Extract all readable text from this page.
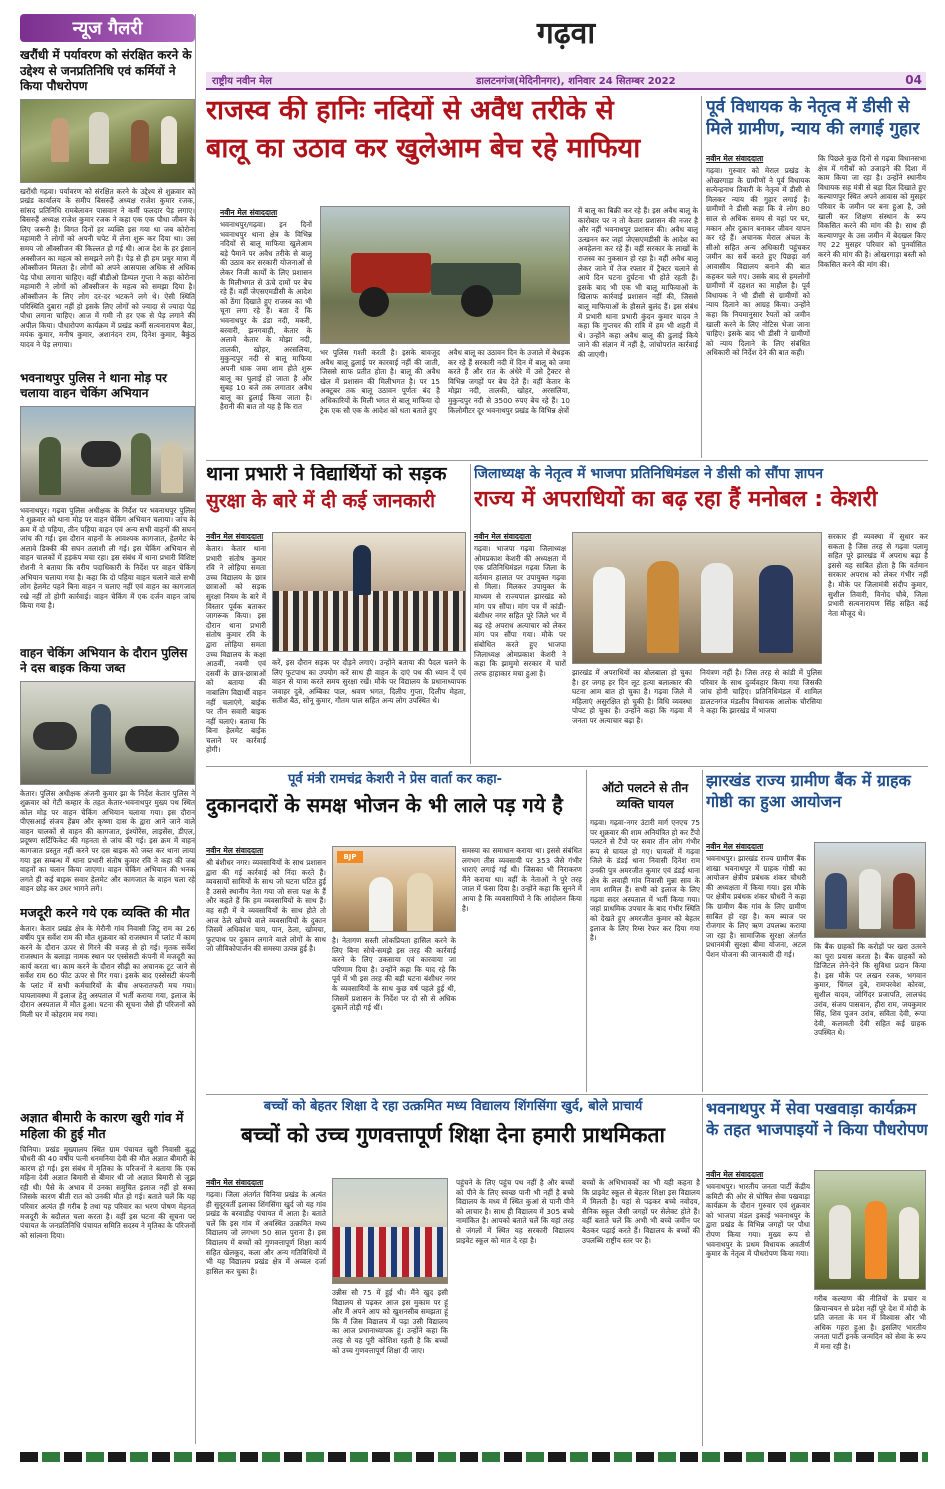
न्यूज गैलरी
खरौंधी में पर्यावरण को संरक्षित करने के उद्देश्य से जनप्रतिनिधि एवं कर्मियों ने किया पौधरोपण
खरौंधी गढ़वा। पर्यावरण को संरक्षित करने के उद्देश्य से शुक्रवार को प्रखंड कार्यालय के समीप बिसरुहैं अध्यक्ष राजेश कुमार रजक, सांसद प्रतिनिधि रामबेलावन पासवान ने कर्मी फलदार पेड़ लगाए। बिसरुहैं अध्यक्ष राजेश कुमार रजक ने कहा एक एक पौधा जीवन के लिए जरूरी है। विगत दिनों हर व्यक्ति इस गया था जब कोरोना महामारी ने लोगों को अपनी चपेट में लेना शुरू कर दिया था। उस समय जो ऑक्सीजन की किल्लत हो गई थी। आज देश के हर इंसान अक्सीजन का महत्व को समझने लगे हैं। पेड़ से ही हम प्रचुर मात्रा में ऑक्सीजन मिलता है। लोगों को अपने आसपास अधिक से अधिक पेड़ पौधा लगाना चाहिए। वहीं बीडीओ डिम्पल गुप्ता ने कहा कोरोना महामारी ने लोगों को ऑक्सीजन के महत्व को समझा दिया है। ऑक्सीजन के लिए लोग दर-दर भटकने लगे थे। ऐसी स्थिति परिस्थिति दुबारा नहीं हो इसके लिए लोगों को ज्यादा से ज्यादा पेड़ पौधा लगाना चाहिए। आज में गमी नौ हर एक से पेड़ लगाने की अपील किया। पौधारोपण कार्यक्रम में प्रखंड कर्मी सत्यनारायण बैठा, मयंक कुमार, मनीष कुमार, अशानंदन राम, दिनेश कुमार, बैकुंठ यादव ने पेड़ लगाया।
भवनाथपुर पुलिस ने थाना मोड़ पर चलाया वाहन चेकिंग अभियान
भवनाथपुर। गढ़वा पुलिस अधीक्षक के निर्देश पर भवनाथपुर पुलिस ने शुक्रवार को थाना मोड़ पर वाहन चेकिंग अभियान चलाया। जांच के क्रम में दो पहिया, तीन पहिया वाहन एवं अन्य सभी वाहनों की सघन जांच की गई। इस दौरान वाहनों के आवश्यक कागजात, हेलमेट के अलावे डिक्की की सघन तलाशी ली गई। इस चेकिंग अभियान से वाहन चालकों में हड़कंप मचा रहा। इस संबंध में थाना प्रभारी विशिष्ट रोशनी ने बताया कि वरीय पदाधिकारी के निर्देश पर वाहन चेकिंग अभियान चलाया गया है। कहा कि दो पहिया वाहन चलाने वाले सभी लोग हेलमेट पहने बिना वाहन न चलाए नहीं एवं वाहन का कागजात रखे नहीं तो होगी कार्रवाई। वाहन चेकिंग में एक दर्जन वाहन जांच किया गया है।
वाहन चेकिंग अभियान के दौरान पुलिस ने दस बाइक किया जब्त
केतार। पुलिस अधीक्षक अंजनी कुमार झा के निर्देश केतार पुलिस ने शुक्रवार को गेटी कम्हार के तहत केतार-भवनाथपुर मुख्य पथ स्थित कोल मोड़ पर वाहन चेकिंग अभियान चलाया गया। इस दौरान पीएसआई संजय हेंब्रम और कृष्णा दास के द्वारा आने जाने वाले वाहन चालकों से वाहन की कागजात, इंश्योरेंस, लाइसेंस, डीएल, प्रदूषण सर्टिफिकेट की गहनता से जांच की गई। इस क्रम में वाहन कागजात प्रस्तुत नहीं करने पर दस बाइक को जब्त कर थाना लाया गया इस सम्बन्ध में थाना प्रभारी संतोष कुमार रवि ने कहा की जब वाहनों का चलान किया जाएगा। वाहन चेकिंग अभियान की भनक लगते ही कई बाइक सवार हेलमेट और कागजात के वाहन चला रहे वाहन छोड़ कर उधर भागने लगे।
मजदूरी करने गये एक व्यक्ति की मौत
केतार। केतार प्रखंड क्षेत्र के मेरौनी गांव निवासी जिटू राम का 26 वर्षीय पुत्र सर्वेश राम की मौत शुक्रवार को राजस्थान में प्लांट में काम करने के दौरान ऊपर से गिरने की वजह से हो गई। मृतक सर्वेश राजस्थान के बलाड़ा नामक स्थान पर एस्सेसटी कंपनी में मजदूरी का कार्य करता था। काम करने के दौरान सीढ़ी का अचानक टूट जाने से सर्वेश राम 60 फीट ऊपर से गिर गया। इसके बाद एस्सेसटी कंपनी के प्लांट में सभी कर्मचारियों के बीच अफरातफरी मच गया। घायलावस्था में इलाज हेतु अस्पताल में भर्ती कराया गया, इलाज के दौरान अस्पताल में मौत हुआ। घटना की सूचना जैसे ही परिजनों को मिली घर में कोहराम मच गया।
अज्ञात बीमारी के कारण खुरी गांव में महिला की हुई मौत
चिनिया। प्रखंड मुख्यालय स्थित ग्राम पंचायत खुरी निवासी बुद्ध चौधरी की 40 वर्षीय पत्नी धनमनिया देवी की मौत अज्ञात बीमारी के कारण हो गई। इस संबंध में मृतिका के परिजनों ने बताया कि एक महिना देवी अज्ञात बिमारी से बीमार थी जो अज्ञात बिमारी से जूझ रही थी। पैसे के अभाव में उनका समुचित इलाज नहीं हो सका जिसके कारण बीती रात को उनकी मौत हो गई। बताते चलें कि यह परिवार अत्यंत ही गरीब है तथा यह परिवार का भरण पोषण मेहनत मजदूरी के बदौलत चला करता है। वहीं इस घटना की सूचना पर पंचायत के जनप्रतिनिधि पंचायत समिति सदस्य ने मृतिका के परिजनों को सांत्वना दिया।
गढ़वा
राष्ट्रीय नवीन मेल	डालटनगंज(मेदिनीनगर), शनिवार 24 सितम्बर 2022	04
राजस्व की हानिः नदियों से अवैध तरीके से
बालू का उठाव कर खुलेआम बेच रहे माफिया
नवीन मेल संवाददाता
भवनाथपुर/गढ़वा। इन दिनों भवनाथपुर थाना क्षेत्र के विभिन्न नदियों से बालू माफिया खुलेआम बड़े पैमाने पर अवैध तरीके से बालू की उठाव कर सरकारी योजनाओं से लेकर निजी कार्यों के लिए प्रशासन के मिलीभगत से ऊंचे दामों पर बेच रहे हैं। वहीं जेएसएमडीसी के आदेश को ठेंगा दिखाते हुए राजस्व का भी चूना लगा रहे हैं। बता दें कि भवनाथपुर के डंडा नदी, मकरी, बरवारी, झनगवाही, केतार के अलावे केतार के मोझा नदी, तालकी, खोहर, अरसलिया, मुकुन्दपुर नदी से बालू माफिया अपनी धाक जमा शाम होते शुरू बालू का घुलाई हो जाता है और सुबह 10 बजे तक लगातार अवैध बालू का ढुलाई किया जाता है। हैरानी की बात तो यह है कि रात
भर पुलिस गश्ती करती है। इसके बावजूद अवैध बालू ढुलाई पर कारवाई नहीं की जाती, जिससे साफ प्रतीत होता है। बालू की अवैध खेल में प्रशासन की मिलीभगत है। पर 15 अक्टूबर तक बालू उठावन पूर्णतः बंद है अधिकारियों के मिली भगत से बालू माफिया दो ट्रेक एक सौ एक के आदेश को धता बताते हुए
अवैध बालू का उठावन दिन के उजाले में बेधड़क कर रहे हैं सरकारी नदी में दिन में बालू को जमा करते हैं और रात के अंधेरे में उसे ट्रैक्टर से विभिन्न जगहों पर बेच देते हैं। वहीं केतार के मोझा नदी, तालकी, खोहर, अरसलिया, मुकुन्दपुर नदी से 3500 रुपए बेच रहे हैं। 10 किलोमीटर दूर भवनाथपुर प्रखंड के विभिन्न क्षेत्रों
में बालू का बिक्री कर रहे हैं। इस अवैध बालू के कारोबार पर न तो केतार प्रशासन की नजर है और नहीं भवनाथपुर प्रशासन की। अवैध बालू उत्खनन कर जहां जेएसएमडीसी के आदेश का अवहेलना कर रहे हैं। वहीं सरकार के लाखों के राजस्व का नुकसान हो रहा है। वहीं अवैध बालू लेकर जाने में तेज रफ्तार में ट्रैक्टर चलाने से आये दिन घटना दुर्घटना भी होते रहती हैं। इसके बाद भी एक भी बालू माफियाओं के खिलाफ कार्रवाई प्रशासन नहीं की, जिससे बालू माफियाओं के हौसले बुलंद हैं। इस संबंध में प्रभारी थाना प्रभारी कुंदन कुमार यादव ने कहा कि गुप्तचर की रात्रि में हम भी शहरी में थे। उन्होंने कहा अवैध बालू की ढुलाई किये जाने की संज्ञान में नहीं है, जांचोपरांत कार्रवाई की जाएगी।
पूर्व विधायक के नेतृत्व में डीसी से मिले ग्रामीण, न्याय की लगाई गुहार
नवीन मेल संवाददाता
गढ़वा। गुरुवार को मेराल प्रखंड के ओखरगाड़ा के ग्रामीणों ने पूर्व विधायक सत्येन्द्रनाथ तिवारी के नेतृत्व में डीसी से मिलकर न्याय की गुहार लगाई है। ग्रामीणों ने डीसी कहा कि वे लोग 80 साल से अधिक समय से वहां पर घर, मकान और दुकान बनाकर जीवन यापन कर रहे हैं। अचानक मेराल अंचल के सीओ सहित अन्य अधिकारी पहुंचकर जमीन का सर्वे करते हुए पिछड़ा वर्ग आवासीय विद्यालय बनाने की बात कहकर चले गए। उसके बाद से हमलोगों ग्रामीणों में दहशत का माहौल है। पूर्व विधायक ने भी डीसी से ग्रामीणों को न्याय दिलाने का आग्रह किया। उन्होंने कहा कि नियमानुसार रैयतों को जमीन खाली करने के लिए नोटिस भेजा जाना चाहिए। इसके बाद भी डीसी ने ग्रामीणों को न्याय दिलाने के लिए संबंधित अधिकारी को निर्देश देने की बात कही।
कि पिछले कुछ दिनों से गढ़वा विधानसभा क्षेत्र में गरीबों को उजाड़ने की दिशा में काम किया जा रहा है। उन्होंने स्थानीय विधायक सह मंत्री से बड़ा दिल दिखाते हुए कल्याणपुर स्थित अपने आवास को मुसहर परिवार के जमीन पर बना हुआ है, उसे खाली कर शिक्षण संस्थान के रूप विकसित करने की मांग की है। साथ ही कल्याणपुर के उस जमीन में बेदखल किए गए 22 मुसहर परिवार को पुनर्वासित करने की मांग की है। ओखरगाड़ा बस्ती को विकसित करने की मांग की।
थाना प्रभारी ने विद्यार्थियों को सड़क
सुरक्षा के बारे में दी कई जानकारी
नवीन मेल संवाददाता
केतार। केतार थाना प्रभारी संतोष कुमार रवि ने लोहिया समता उच्च विद्यालय के छात्र छात्राओं को सड़क सुरक्षा नियम के बारे में विस्तार पूर्वक बताकर जागरूक किया। इस दौरान थाना प्रभारी संतोष कुमार रवि के द्वारा लोहिया समता उच्च विद्यालय के कक्षा आठवीं, नवमी एवं दसवीं के छात्र-छात्राओं को बताया की नाबालिग विद्यार्थी वाहन नहीं चलाएंगे, बाईक पर तीन सवारी बाइक नहीं चलाएं। बताया कि बिना हेलमेट बाईक चलाने पर कार्रवाई होगी।
करें, इस दौरान सड़क पर दौड़ने लगाएं। उन्होंने बताया की पैदल चलने के लिए फुटपाथ का उपयोग करें साथ ही वाहन के दाएं पथ की ध्यान दें एवं वाहन से यात्रा करते समय सुरक्षा रखें। मौके पर विद्यालय के प्रधानाध्यापक जवाहर दुबे, अम्बिका पाल, श्रवण भगत, दिलीप गुप्ता, दिलीप मेहता, सतीश बैठ, सोनू कुमार, गौतम पाल सहित अन्य लोग उपस्थित थे।
जिलाध्यक्ष के नेतृत्व में भाजपा प्रतिनिधिमंडल ने डीसी को सौंपा ज्ञापन
राज्य में अपराधियों का बढ़ रहा हैं मनोबल : केशरी
नवीन मेल संवाददाता
गढ़वा। भाजपा गढ़वा जिलाध्यक्ष ओमप्रकाश केशरी की अध्यक्षता में एक प्रतिनिधिमंडल गढ़वा जिला के वर्तमान हालात पर उपायुक्त गढ़वा से मिला। मिलकर उपायुक्त के माध्यम से राज्यपाल झारखंड को मांग पत्र सौंपा। मांग पत्र में कांडी-बंशीधर नगर सहित पूरे जिले भर में बढ़ रहे अपराध अत्याचार को लेकर मांग पत्र सौंपा गया। मौके पर संबोधित करते हुए भाजपा जिलाध्यक्ष ओमप्रकाश केशरी ने कहा कि झामुमो सरकार में चारों तरफ हाहाकार मचा हुआ है।	झारखंड में अपराधियों का बोलबाला हो चुका है। हर जगह हर दिन लूट हत्या बलात्कार की घटना आम बात हो चुका है। गढ़वा जिले में महिलाएं असुरक्षित हो चुकी है। विधि व्यवस्था पोपट हो चुका है। उन्होंने कहा कि गढ़वा में जनता पर अत्याचार बढ़ा है।
नियंत्रण नहीं है। जिस तरह से कांडी में पुलिस परिवार के साथ दुर्व्यवहार किया गया जिसकी जांच होनी चाहिए। प्रतिनिधिमंडल में शामिल डालटनगंज मंडलीय विधायक आलोक चौरसिया ने कहा कि झारखंड में भाजपा
सरकार ही व्यवस्था में सुधार कर सकता है जिस तरह से गढ़वा पलामू सहित पूरे झारखंड में अपराध बढ़ा है इससे यह साबित होता है कि वर्तमान सरकार अपराध को लेकर गंभीर नहीं है। मौके पर जिलामंत्री संदीप कुमार, सुशील तिवारी, विनोद चौबे, जिला प्रभारी सत्यनारायण सिंह सहित कई नेता मौजूद थे।
पूर्व मंत्री रामचंद्र केशरी ने प्रेस वार्ता कर कहा-
दुकानदारों के समक्ष भोजन के भी लाले पड़ गये है
नवीन मेल संवाददाता
श्री बंशीधर नगर। व्यवसायियों के साथ प्रशासन द्वारा की गई कार्रवाई को निंदा करते हैं। व्यवसायों सामियों के साथ जो घटना घटित हुई है उससे स्थानीय नेता गया जो सत्ता पक्ष के हैं और कहते हैं कि हम व्यवसायियों के साथ हैं। वह सही में वे व्यवसायियों के साथ होते तो आज ठेले खोमचे वाले व्यवसायियों के दुकान जिसमें अधिकांश चाय, पान, ठेला, खोमचा, फुटपाथ पर दुकान लगाने वाले लोगों के साथ जो जीविकोपार्जन की समस्या उत्पन्न हुई है।
BJP
है। नेतागण सस्ती लोकप्रियता हासिल करने के लिए बिना सोचे-समझे इस तरह की कार्रवाई करने के लिए उकसाया एवं कारवाया जा परिणाम दिया है। उन्होंने कहा कि याद रहे कि पूर्व में भी इस तरह की बड़ी घटना बंशीधर नगर के व्यवसायियों के साथ कुछ वर्ष पहले हुई थी, जिसमें प्रशासन के निर्देश पर दो सौ से अधिक दुकानें तोड़ी गई थीं।
समस्या का समाधान कराया था। इससे संबंधित लगभग तीस व्यवसायी पर 353 जैसे गंभीर धाराएं लगाई गई थी। जिसका भी निराकरण मैंने कराया था। वहीं के नेताओं ने पुरे तरह जाल में फंसा दिया है। उन्होंने कहा कि सुनने में आया है कि व्यवसायियों ने कि आंदोलन किया है।
ऑटो पलटने से तीन व्यक्ति घायल
गढ़वा। गढ़वा-नगर उंटारी मार्ग एनएच 75 पर शुक्रवार की शाम अनियंत्रित हो कर टैंपो पलटने से टैंपो पर सवार तीन लोग गंभीर रूप से घायल हो गए। घायलों में गढ़वा जिले के डंडई थाना निवासी दिनेश राम उनकी पुत्र अमरजीत कुमार एवं डंडई थाना क्षेत्र के लवाही गांव निवासी मुन्ना साव के नाम शामिल हैं। सभी को इलाज के लिए गढ़वा सदर अस्पताल में भर्ती किया गया। जहां प्राथमिक उपचार के बाद गंभीर स्थिति को देखते हुए अमरजीत कुमार को बेहतर इलाज के लिए रिम्स रेफर कर दिया गया है।
झारखंड राज्य ग्रामीण बैंक में ग्राहक गोष्ठी का हुआ आयोजन
नवीन मेल संवाददाता
भवनाथपुर। झारखंड राज्य ग्रामीण बैंक शाखा भवनाथपुर में ग्राहक गोष्ठी का आयोजन क्षेत्रीय प्रबंधक शंकर चौधरी की अध्यक्षता में किया गया। इस मौके पर क्षेत्रीय प्रबंधक शंकर चौधरी ने कहा कि ग्रामीण बैंक गांव के लिए ग्रामीण साबित हो रहा है। कम ब्याज पर रोजगार के लिए ऋण उपलब्ध कराया जा रहा है। सामाजिक सुरक्षा अंतर्गत प्रधानमंत्री सुरक्षा बीमा योजना, अटल पेंशन योजना की जानकारी दी गई।
कि बैंक ग्राहकों कि करोड़ों पर खरा उतरने का पूरा प्रयास करता है। बैंक ग्राहकों को डिजिटल लेने-देने कि सुविधा प्रदान किया है। इस मौके पर लखन रजक, भगवान कुमार, चिंगल दुबे, रामपरवेश कोरवा, सुशील यादव, जोगिंदर प्रजापति, लालचंद उरांव, संजय पासवान, हीरा राम, जयकुमार सिंह, शिव पूजन उरांव, सविता देवी, रूपा देवी, कलावती देवी सहित कई ग्राहक उपस्थित थे।
बच्चों को बेहतर शिक्षा दे रहा उत्क्रमित मध्य विद्यालय शिंगसिंगा खुर्द, बोले प्राचार्य
बच्चों को उच्च गुणवत्तापूर्ण शिक्षा देना हमारी प्राथमिकता
नवीन मेल संवाददाता
गढ़वा। जिला अंतर्गत चिनिया प्रखंड के अत्यंत ही सुदूरवर्ती इलाका शिंगसिंगा खुर्द जो यह गांव प्रखंड के बरवाडीह पंचायत में आता है। बताते चलें कि इस गांव में अवस्थित उत्क्रमित मध्य विद्यालय जो लगभग 50 साल पुराना है। इस विद्यालय में बच्चों को गुणवत्तापूर्ण शिक्षा कार्य सहित खेलकूद, कला और अन्य गतिविधियों में भी यह विद्यालय प्रखंड क्षेत्र में अव्वल दर्जा हासिल कर चुका है।
उन्नीस सौ 75 में हुई थी। मैंने खुद इसी विद्यालय से पढ़कर आज इस मुकाम पर हूं और मैं अपने आप को खुशनसीब समझता हूं कि मैं जिस विद्यालय में पढ़ा उसी विद्यालय का आज प्रधानाध्यापक हूं। उन्होंने कहा कि तरह से यह पूरी कोशिश रहती है कि बच्चों को उच्च गुणवत्तापूर्ण शिक्षा दी जाए।
पहुंचने के लिए पहुंच पथ नहीं है और बच्चों को पीने के लिए स्वच्छ पानी भी नहीं है बच्चे विद्यालय के मध्य में स्थित कुआं से पानी पीने को लाचार है। साथ ही विद्यालय में 305 बच्चे नामांकित है। आपको बताते चलें कि यहां तरह से जंगलों में स्थित यह सरकारी विद्यालय प्राइवेट स्कूल को मात दे रहा है।
बच्चों के अभिभावकों का भी यही कहना है कि प्राइवेट स्कूल से बेहतर शिक्षा इस विद्यालय में मिलती है। यहां से पढ़कर बच्चे नवोदय, सैनिक स्कूल जैसी जगहों पर सेलेक्ट होते हैं। वहीं बताते चलें कि अभी भी बच्चे जमीन पर बैठकर पढ़ाई करते हैं। विद्यालय के बच्चों की उपलब्धि राष्ट्रीय स्तर पर है।
भवनाथपुर में सेवा पखवाड़ा कार्यक्रम के तहत भाजपाइयों ने किया पौधरोपण
नवीन मेल संवाददाता
भवनाथपुर। भारतीय जनता पार्टी केंद्रीय कमिटी की ओर से घोषित सेवा पखवाड़ा कार्यक्रम के दौरान गुरुवार एवं शुक्रवार को भाजपा मंडल इकाई भवनाथपुर के द्वारा प्रखंड के विभिन्न जगहों पर पौधा रोपण किया गया। मुख्य रूप से भवनाथपुर के प्रथम विधायक अवतीर्ण कुमार के नेतृत्व में पौधरोपण किया गया।
गरीब कल्याण की नीतियों के प्रचार व क्रियान्वयन से प्रदेश नहीं पूरे देश में मोदी के प्रति जनता के मन में विश्वास और भी अधिक गहरा हुआ है। इसलिए भारतीय जनता पार्टी इनके जन्मदिन को सेवा के रूप में मना रही है।
